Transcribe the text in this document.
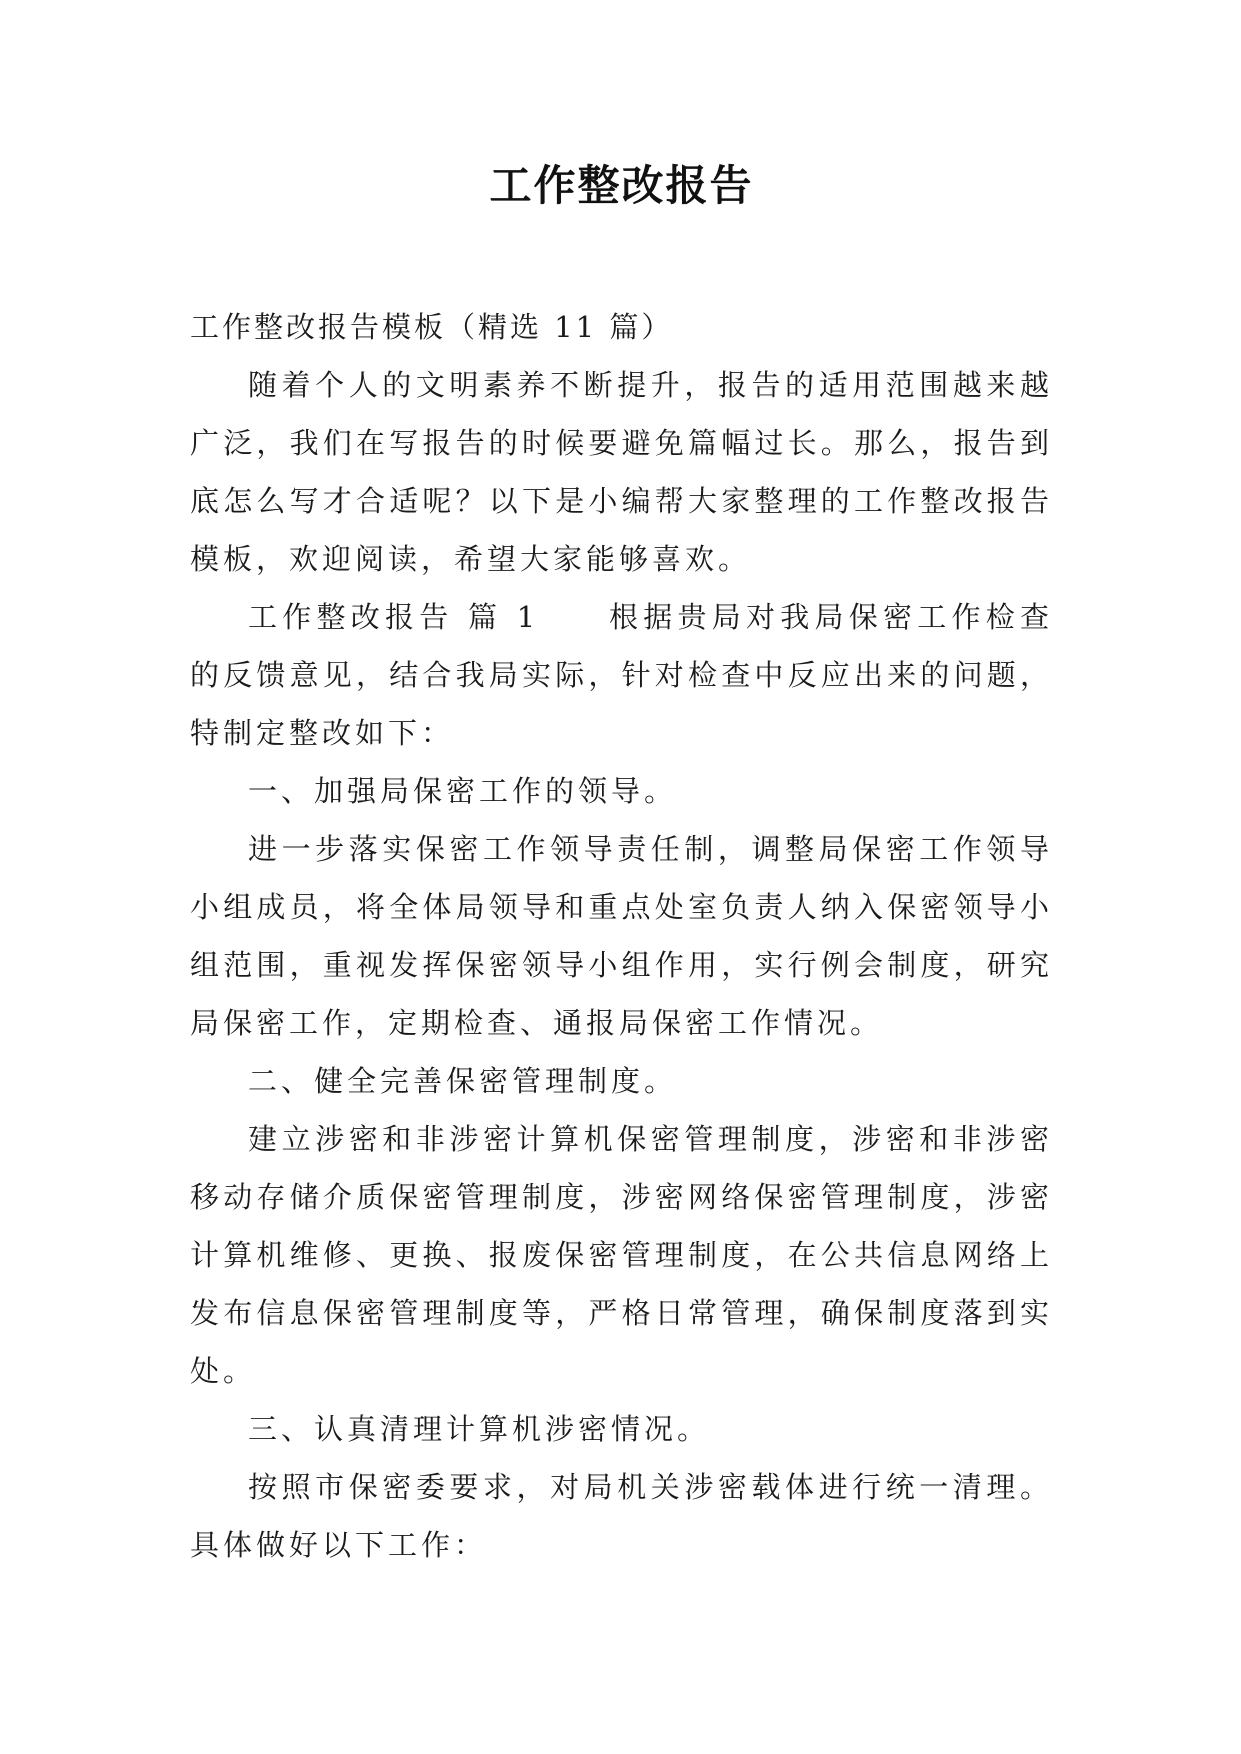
工作整改报告

工作整改报告模板（精选 11 篇）

随着个人的文明素养不断提升，报告的适用范围越来越广泛，我们在写报告的时候要避免篇幅过长。那么，报告到底怎么写才合适呢？以下是小编帮大家整理的工作整改报告模板，欢迎阅读，希望大家能够喜欢。

工作整改报告 篇 1　　根据贵局对我局保密工作检查的反馈意见，结合我局实际，针对检查中反应出来的问题，特制定整改如下：

一、加强局保密工作的领导。

进一步落实保密工作领导责任制，调整局保密工作领导小组成员，将全体局领导和重点处室负责人纳入保密领导小组范围，重视发挥保密领导小组作用，实行例会制度，研究局保密工作，定期检查、通报局保密工作情况。

二、健全完善保密管理制度。

建立涉密和非涉密计算机保密管理制度，涉密和非涉密移动存储介质保密管理制度，涉密网络保密管理制度，涉密计算机维修、更换、报废保密管理制度，在公共信息网络上发布信息保密管理制度等，严格日常管理，确保制度落到实处。

三、认真清理计算机涉密情况。

按照市保密委要求，对局机关涉密载体进行统一清理。具体做好以下工作：
